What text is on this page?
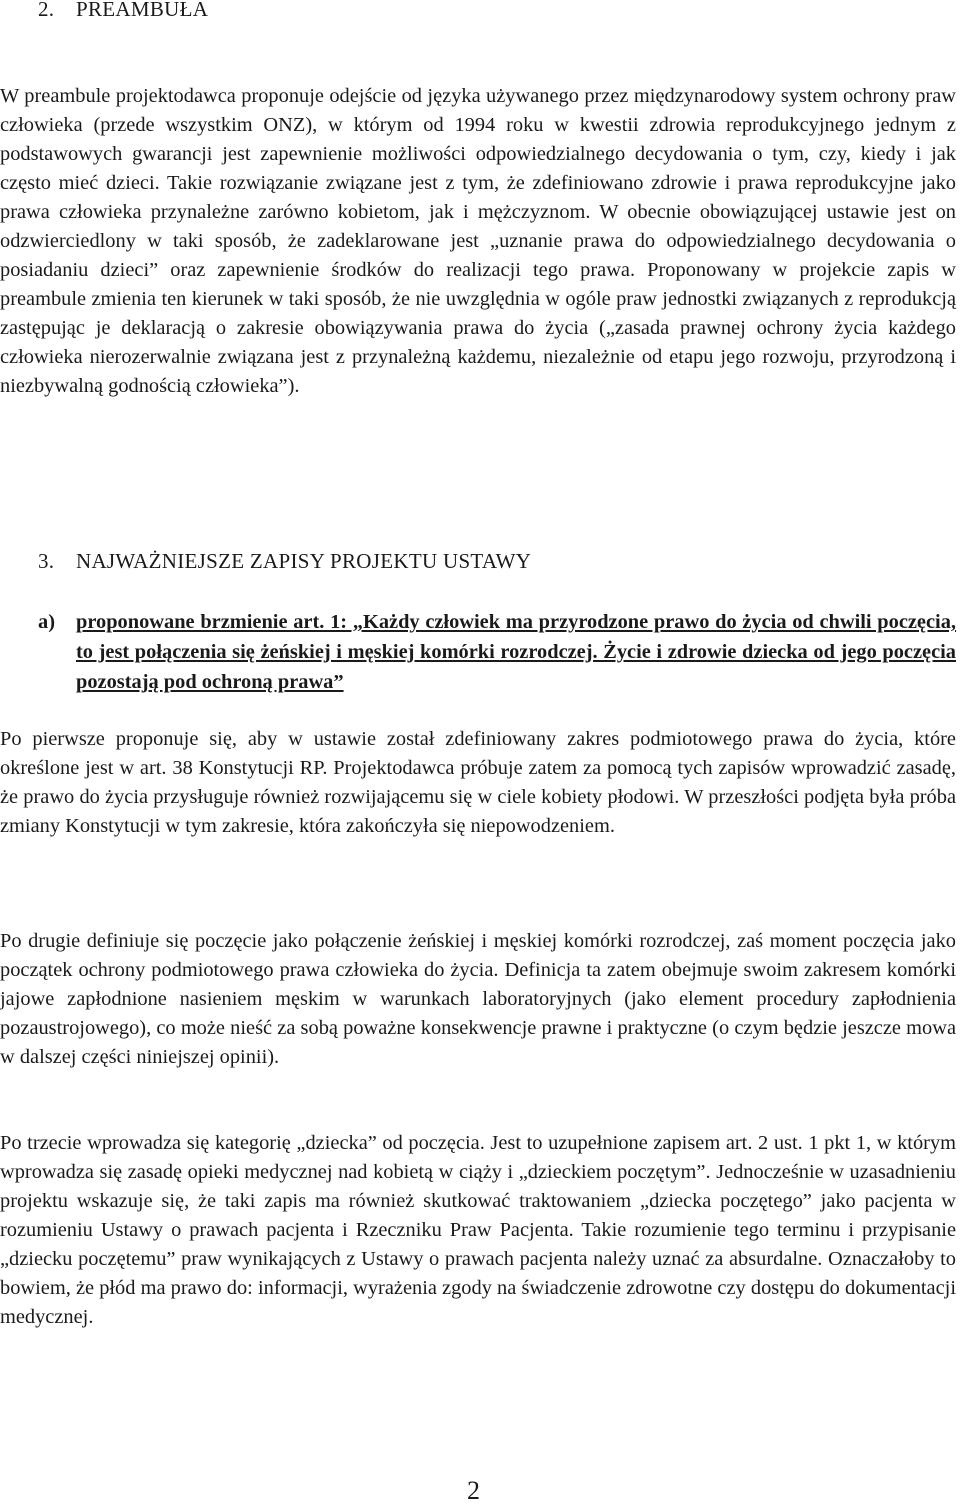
2. PREAMBUŁA

W preambule projektodawca proponuje odejście od języka używanego przez międzynarodowy system ochrony praw człowieka (przede wszystkim ONZ), w którym od 1994 roku w kwestii zdrowia reprodukcyjnego jednym z podstawowych gwarancji jest zapewnienie możliwości odpowiedzialnego decydowania o tym, czy, kiedy i jak często mieć dzieci. Takie rozwiązanie związane jest z tym, że zdefiniowano zdrowie i prawa reprodukcyjne jako prawa człowieka przynależne zarówno kobietom, jak i mężczyznom. W obecnie obowiązującej ustawie jest on odzwierciedlony w taki sposób, że zadeklarowane jest „uznanie prawa do odpowiedzialnego decydowania o posiadaniu dzieci” oraz zapewnienie środków do realizacji tego prawa. Proponowany w projekcie zapis w preambule zmienia ten kierunek w taki sposób, że nie uwzględnia w ogóle praw jednostki związanych z reprodukcją zastępując je deklaracją o zakresie obowiązywania prawa do życia („zasada prawnej ochrony życia każdego człowieka nierozerwalnie związana jest z przynależną każdemu, niezależnie od etapu jego rozwoju, przyrodzoną i niezbywalną godnością człowieka”).

3. NAJWAŻNIEJSZE ZAPISY PROJEKTU USTAWY
a) proponowane brzmienie art. 1: „Każdy człowiek ma przyrodzone prawo do życia od chwili poczęcia, to jest połączenia się żeńskiej i męskiej komórki rozrodczej. Życie i zdrowie dziecka od jego poczęcia pozostają pod ochroną prawa”

Po pierwsze proponuje się, aby w ustawie został zdefiniowany zakres podmiotowego prawa do życia, które określone jest w art. 38 Konstytucji RP. Projektodawca próbuje zatem za pomocą tych zapisów wprowadzić zasadę, że prawo do życia przysługuje również rozwijającemu się w ciele kobiety płodowi. W przeszłości podjęta była próba zmiany Konstytucji w tym zakresie, która zakończyła się niepowodzeniem.

Po drugie definiuje się poczęcie jako połączenie żeńskiej i męskiej komórki rozrodczej, zaś moment poczęcia jako początek ochrony podmiotowego prawa człowieka do życia. Definicja ta zatem obejmuje swoim zakresem komórki jajowe zapłodnione nasieniem męskim w warunkach laboratoryjnych (jako element procedury zapłodnienia pozaustrojowego), co może nieść za sobą poważne konsekwencje prawne i praktyczne (o czym będzie jeszcze mowa w dalszej części niniejszej opinii).

Po trzecie wprowadza się kategorię „dziecka” od poczęcia. Jest to uzupełnione zapisem art. 2 ust. 1 pkt 1, w którym wprowadza się zasadę opieki medycznej nad kobietą w ciąży i „dzieckiem poczętym”. Jednocześnie w uzasadnieniu projektu wskazuje się, że taki zapis ma również skutkować traktowaniem „dziecka poczętego” jako pacjenta w rozumieniu Ustawy o prawach pacjenta i Rzeczniku Praw Pacjenta. Takie rozumienie tego terminu i przypisanie „dziecku poczętemu” praw wynikających z Ustawy o prawach pacjenta należy uznać za absurdalne. Oznaczałoby to bowiem, że płód ma prawo do: informacji, wyrażenia zgody na świadczenie zdrowotne czy dostępu do dokumentacji medycznej.

2
